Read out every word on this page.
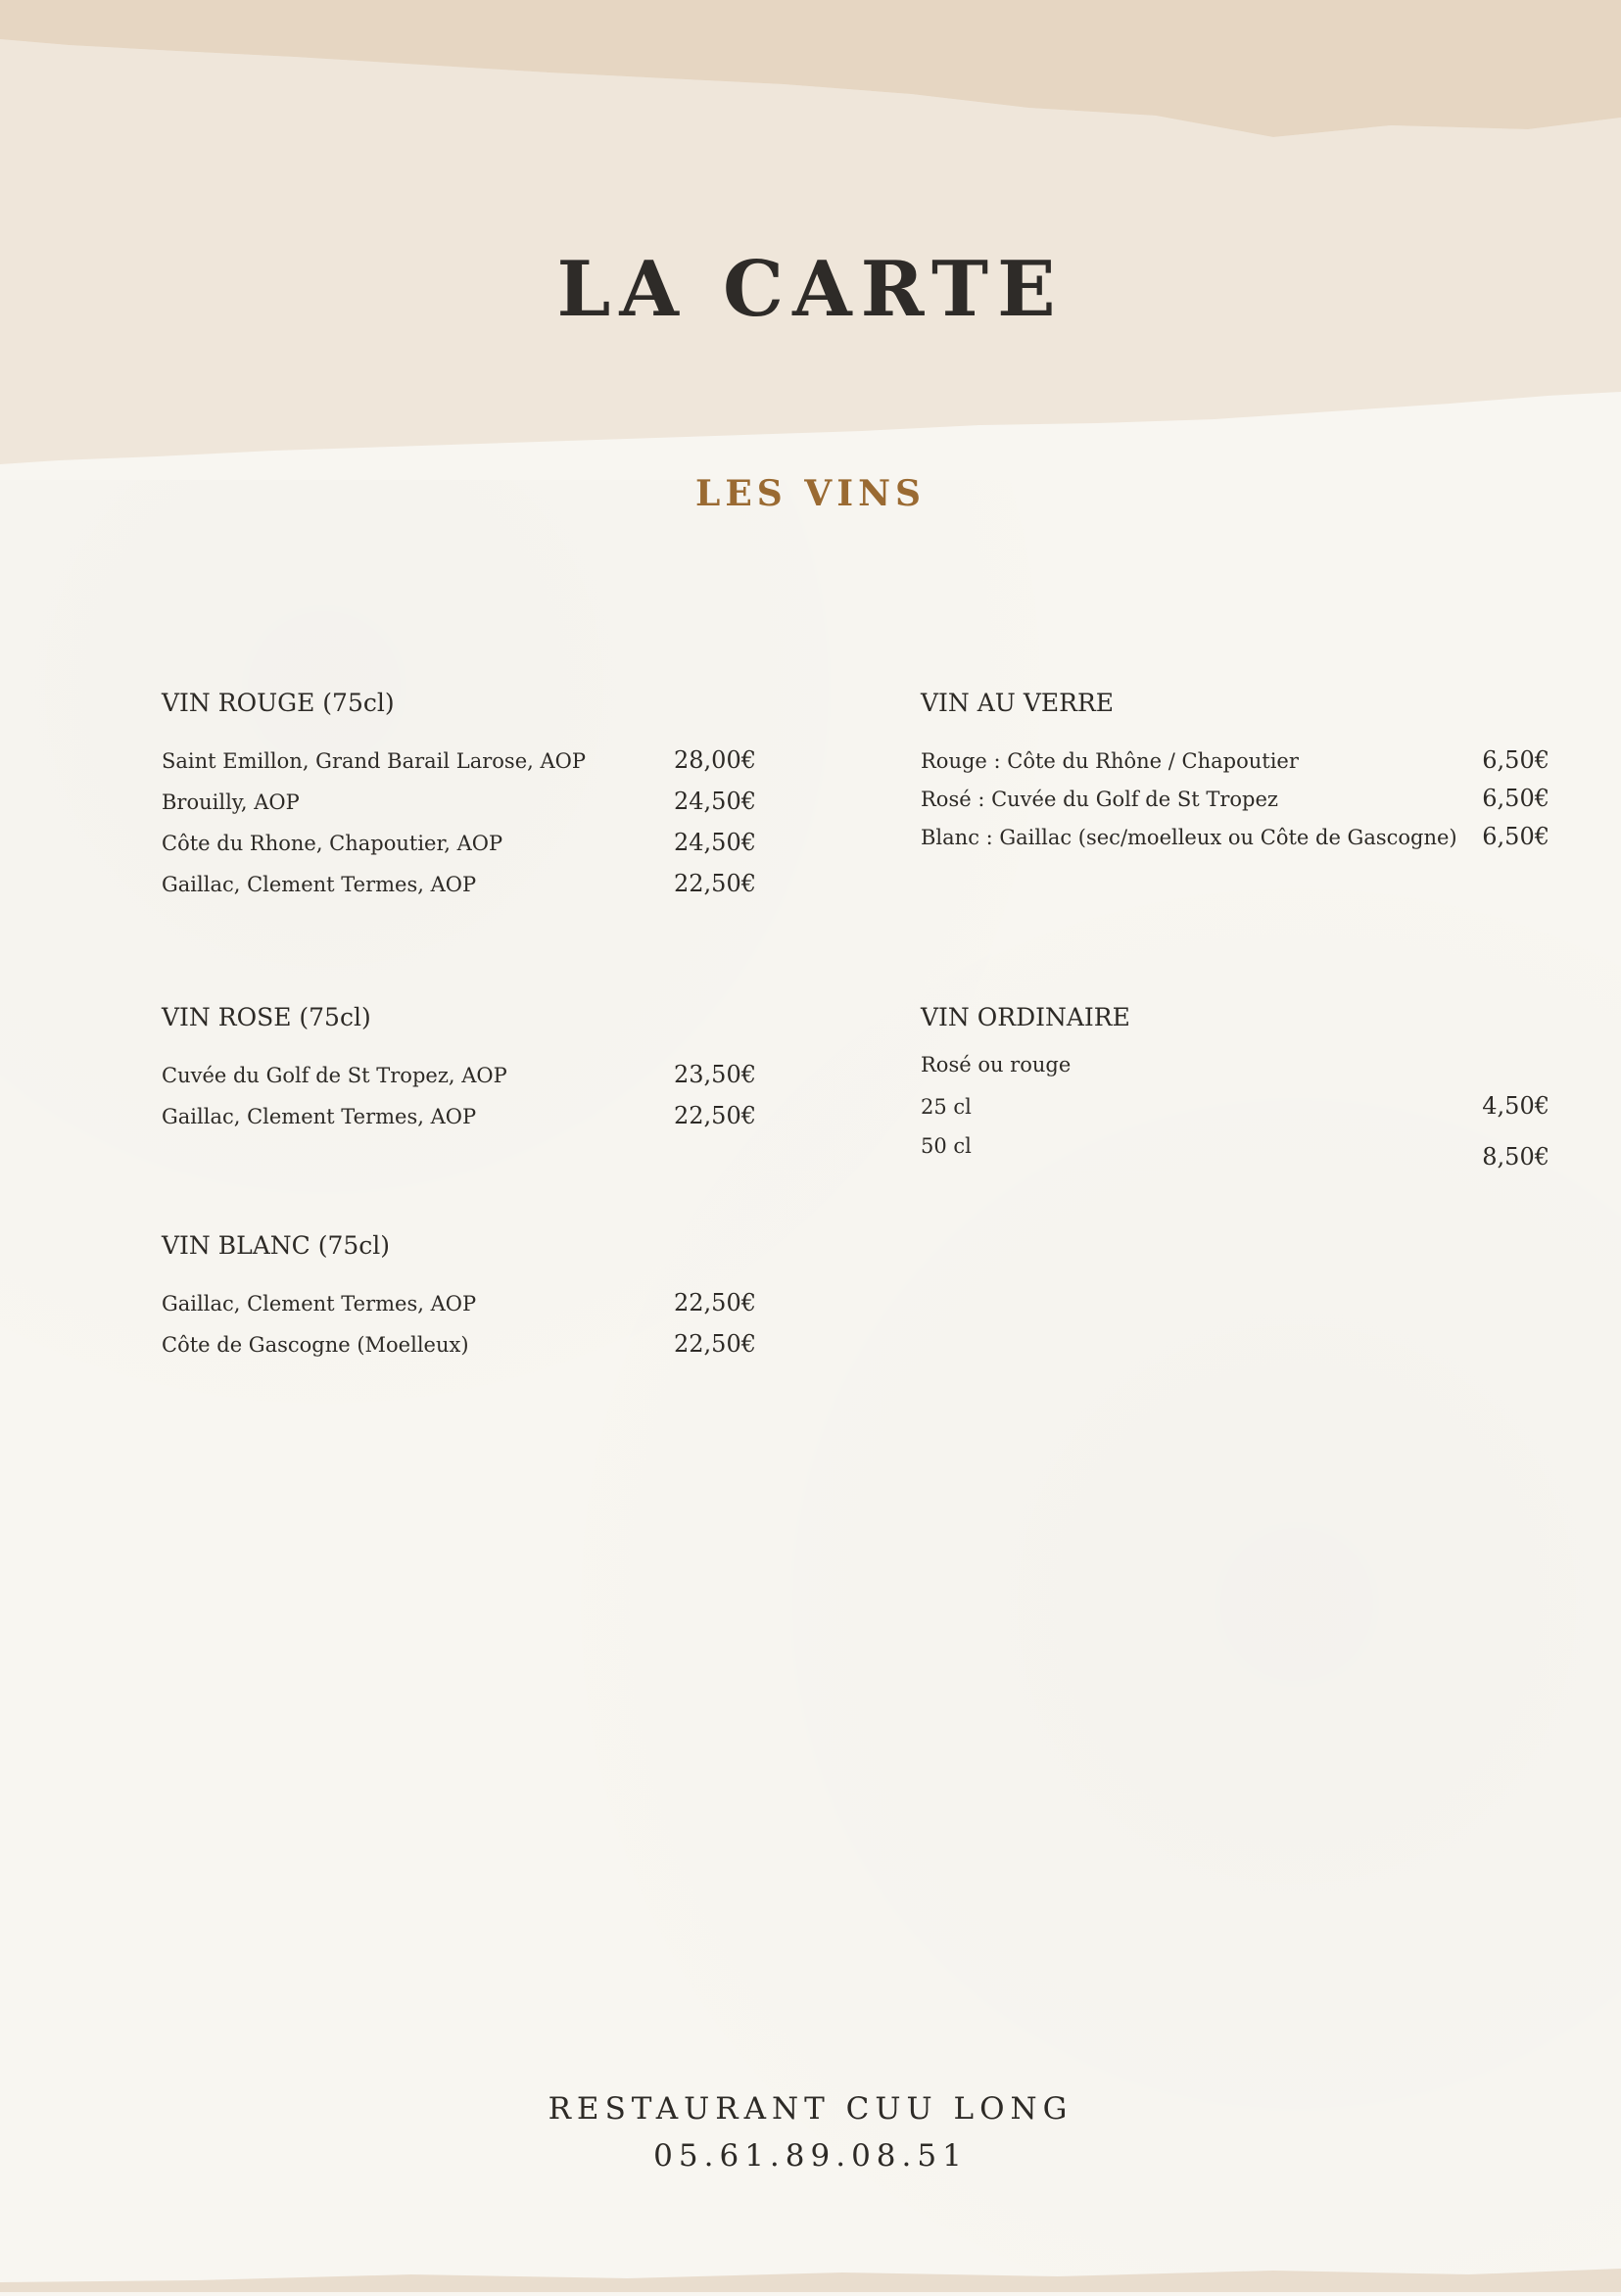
LA CARTE
LES VINS
VIN ROUGE (75cl)
Saint Emillon, Grand Barail Larose, AOP	28,00€
Brouilly, AOP	24,50€
Côte du Rhone, Chapoutier, AOP	24,50€
Gaillac, Clement Termes, AOP	22,50€
VIN ROSE (75cl)
Cuvée du Golf de St Tropez, AOP	23,50€
Gaillac, Clement Termes, AOP	22,50€
VIN BLANC (75cl)
Gaillac, Clement Termes, AOP	22,50€
Côte de Gascogne (Moelleux)	22,50€
VIN AU VERRE
Rouge : Côte du Rhône / Chapoutier	6,50€
Rosé : Cuvée du Golf de St Tropez	6,50€
Blanc : Gaillac (sec/moelleux ou Côte de Gascogne) 6,50€
VIN ORDINAIRE
Rosé ou rouge
25 cl	4,50€
50 cl	8,50€
RESTAURANT CUU LONG
05.61.89.08.51
